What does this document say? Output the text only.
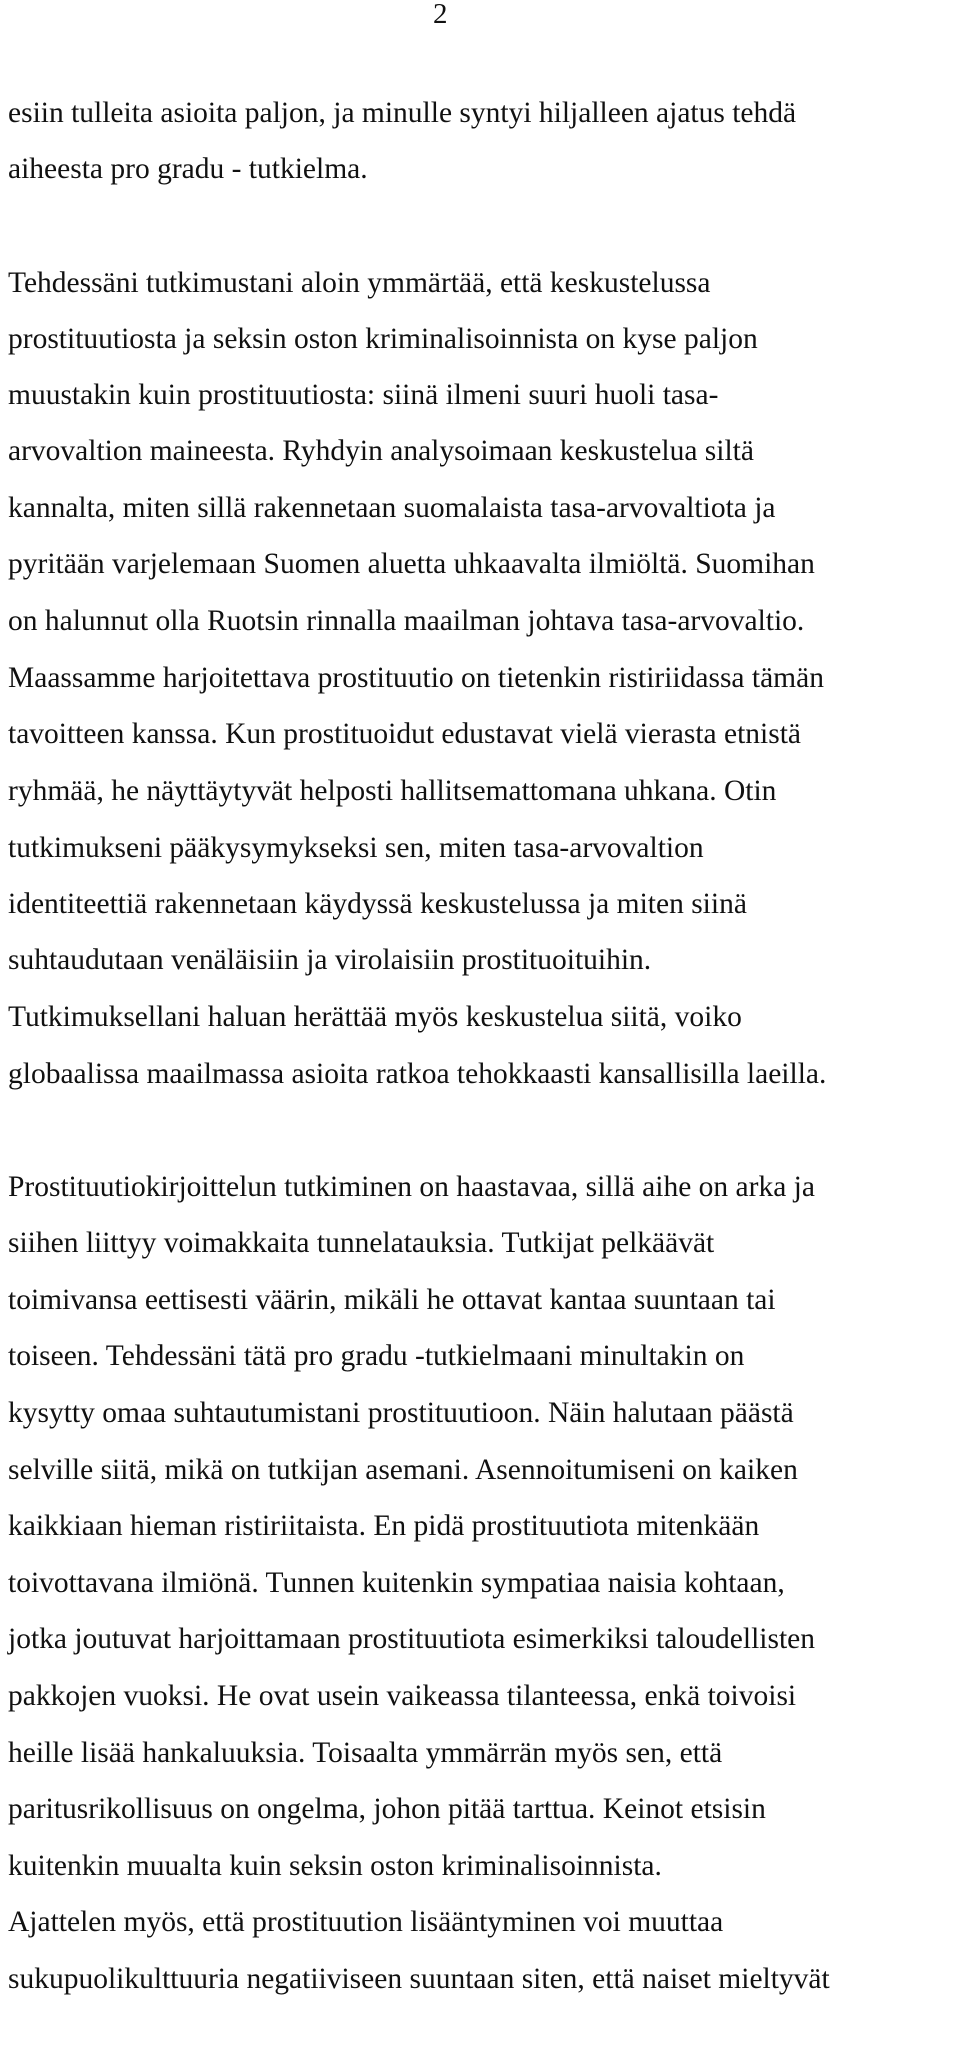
2
esiin tulleita asioita paljon, ja minulle syntyi hiljalleen ajatus tehdä
aiheesta pro gradu - tutkielma.
Tehdessäni tutkimustani aloin ymmärtää, että keskustelussa
prostituutiosta ja seksin oston kriminalisoinnista on kyse paljon
muustakin kuin prostituutiosta: siinä ilmeni suuri huoli tasa-
arvovaltion maineesta. Ryhdyin analysoimaan keskustelua siltä
kannalta, miten sillä rakennetaan suomalaista tasa-arvovaltiota ja
pyritään varjelemaan Suomen aluetta uhkaavalta ilmiöltä. Suomihan
on halunnut olla Ruotsin rinnalla maailman johtava tasa-arvovaltio.
Maassamme harjoitettava prostituutio on tietenkin ristiriidassa tämän
tavoitteen kanssa. Kun prostituoidut edustavat vielä vierasta etnistä
ryhmää, he näyttäytyvät helposti hallitsemattomana uhkana. Otin
tutkimukseni pääkysymykseksi sen, miten tasa-arvovaltion
identiteettiä rakennetaan käydyssä keskustelussa ja miten siinä
suhtaudutaan venäläisiin ja virolaisiin prostituoituihin.
Tutkimuksellani haluan herättää myös keskustelua siitä, voiko
globaalissa maailmassa asioita ratkoa tehokkaasti kansallisilla laeilla.
Prostituutiokirjoittelun tutkiminen on haastavaa, sillä aihe on arka ja
siihen liittyy voimakkaita tunnelatauksia. Tutkijat pelkäävät
toimivansa eettisesti väärin, mikäli he ottavat kantaa suuntaan tai
toiseen. Tehdessäni tätä pro gradu -tutkielmaani minultakin on
kysytty omaa suhtautumistani prostituutioon. Näin halutaan päästä
selville siitä, mikä on tutkijan asemani. Asennoitumiseni on kaiken
kaikkiaan hieman ristiriitaista. En pidä prostituutiota mitenkään
toivottavana ilmiönä. Tunnen kuitenkin sympatiaa naisia kohtaan,
jotka joutuvat harjoittamaan prostituutiota esimerkiksi taloudellisten
pakkojen vuoksi. He ovat usein vaikeassa tilanteessa, enkä toivoisi
heille lisää hankaluuksia. Toisaalta ymmärrän myös sen, että
paritusrikollisuus on ongelma, johon pitää tarttua. Keinot etsisin
kuitenkin muualta kuin seksin oston kriminalisoinnista.
Ajattelen myös, että prostituution lisääntyminen voi muuttaa
sukupuolikulttuuria negatiiviseen suuntaan siten, että naiset mieltyvät
